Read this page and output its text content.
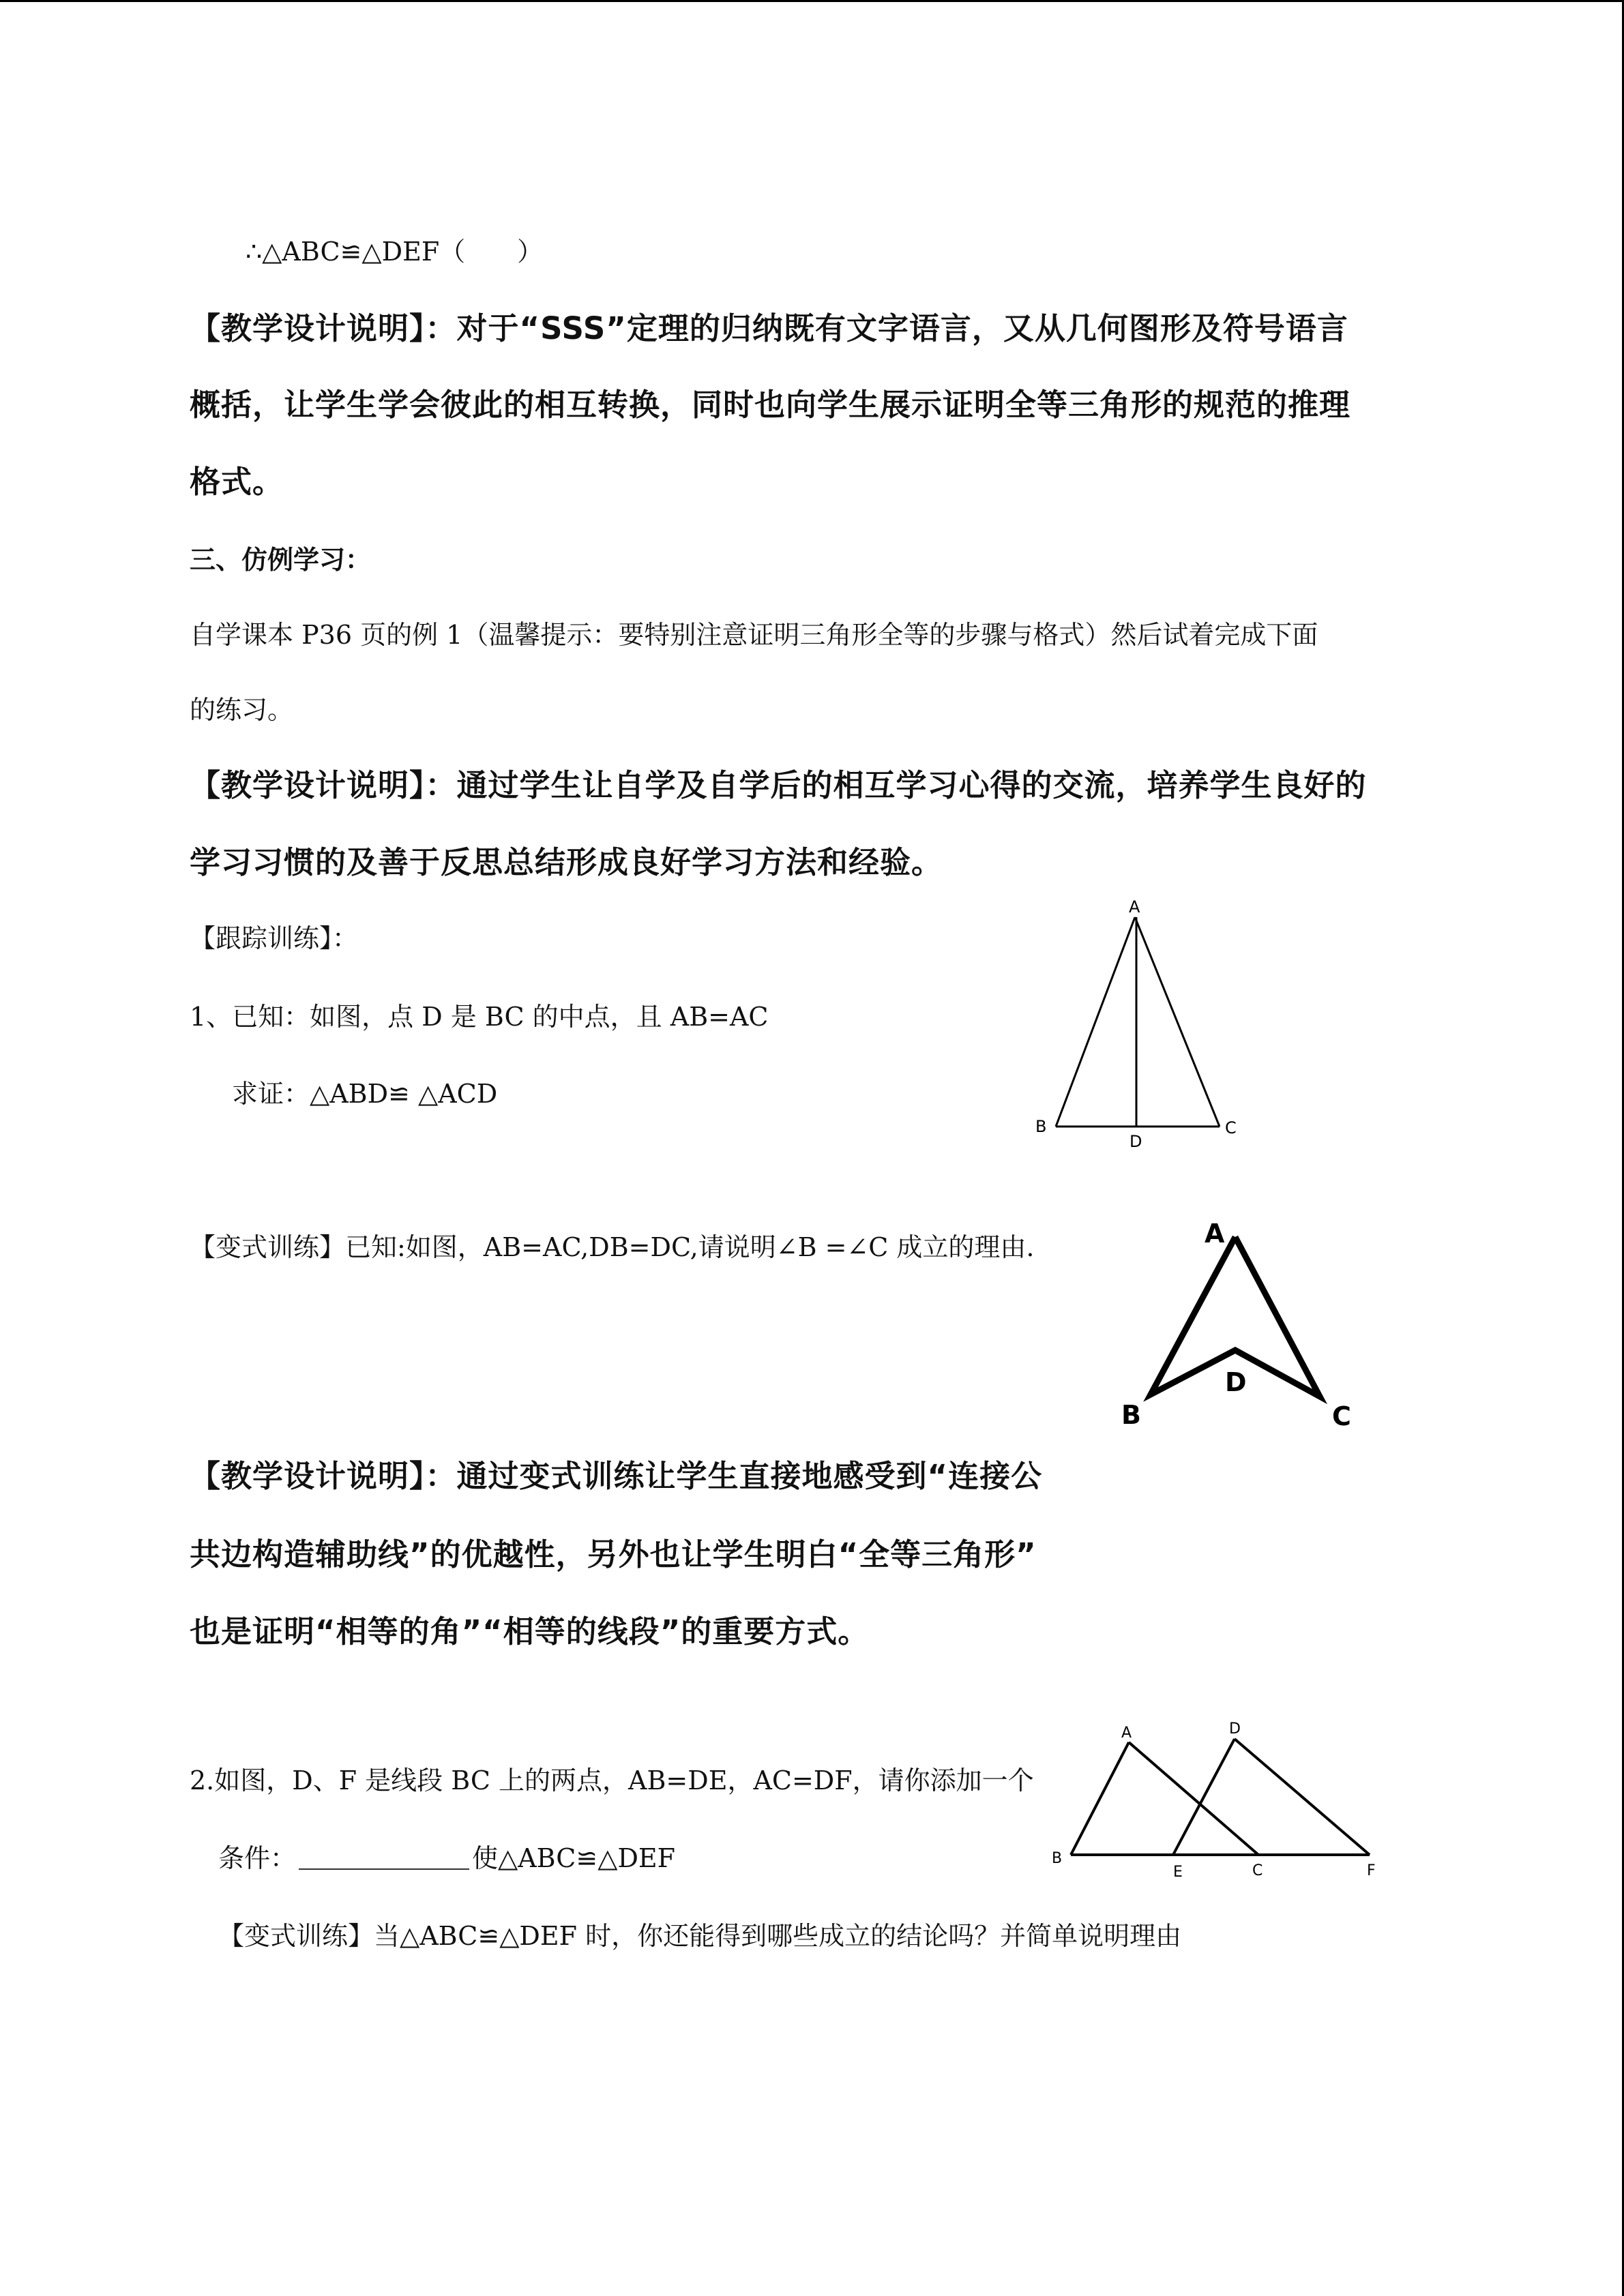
∴△ABC≌△DEF（　　）
【教学设计说明】：对于“SSS”定理的归纳既有文字语言，又从几何图形及符号语言
概括，让学生学会彼此的相互转换，同时也向学生展示证明全等三角形的规范的推理
格式。
三、仿例学习：
自学课本 P36 页的例 1（温馨提示：要特别注意证明三角形全等的步骤与格式）然后试着完成下面
的练习。
【教学设计说明】：通过学生让自学及自学后的相互学习心得的交流，培养学生良好的
学习习惯的及善于反思总结形成良好学习方法和经验。
【跟踪训练】：
1、已知：如图，点 D 是 BC 的中点，且 AB=AC
求证：△ABD≌ △ACD
【变式训练】已知:如图，AB=AC,DB=DC,请说明∠B =∠C 成立的理由.
【教学设计说明】：通过变式训练让学生直接地感受到“连接公
共边构造辅助线”的优越性，另外也让学生明白“全等三角形”
也是证明“相等的角”“相等的线段”的重要方式。
2.如图，D、F 是线段 BC 上的两点，AB=DE，AC=DF，请你添加一个
条件：	使△ABC≌△DEF
【变式训练】当△ABC≌△DEF 时，你还能得到哪些成立的结论吗？并简单说明理由
A
B	C
D
A
B	C
D
A
B
C
D
E	F
